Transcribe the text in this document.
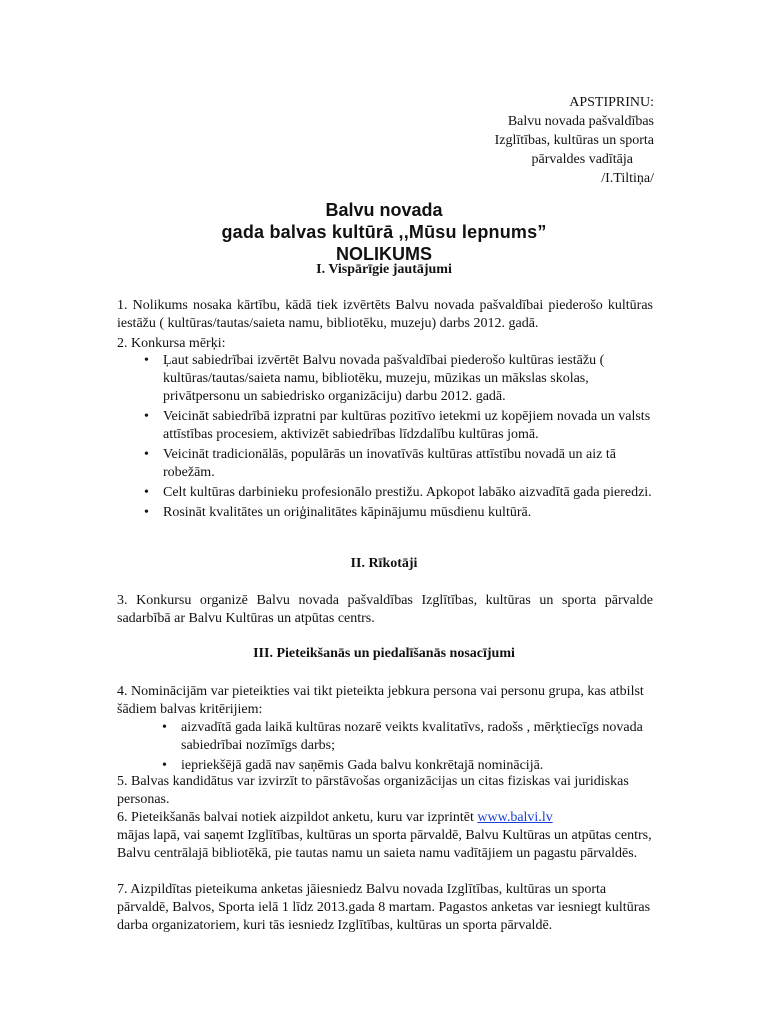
APSTIPRINU:
Balvu novada pašvaldības
Izglītības, kultūras un sporta
pārvaldes vadītāja
/I.Tiltiņa/
Balvu novada
gada balvas kultūrā ,,Mūsu lepnums”
NOLIKUMS
I. Vispārīgie jautājumi
1. Nolikums nosaka kārtību, kādā tiek izvērtēts Balvu novada pašvaldībai piederošo kultūras iestāžu ( kultūras/tautas/saieta namu, bibliotēku, muzeju) darbs 2012. gadā.
2. Konkursa mērķi:
• Ļaut sabiedrībai izvērtēt Balvu novada pašvaldībai piederošo kultūras iestāžu ( kultūras/tautas/saieta namu, bibliotēku, muzeju, mūzikas un mākslas skolas, privātpersonu un sabiedrisko organizāciju) darbu 2012. gadā.
• Veicināt sabiedrībā izpratni par kultūras pozitīvo ietekmi uz kopējiem novada un valsts attīstības procesiem, aktivizēt sabiedrības līdzdalību kultūras jomā.
• Veicināt tradicionālās, populārās un inovatīvās kultūras attīstību novadā un aiz tā robežām.
• Celt kultūras darbinieku profesionālo prestižu. Apkopot labāko aizvadītā gada pieredzi.
• Rosināt kvalitātes un oriģinalitātes kāpinājumu mūsdienu kultūrā.
II. Rīkotāji
3. Konkursu organizē Balvu novada pašvaldības Izglītības, kultūras un sporta pārvalde sadarbībā ar Balvu Kultūras un atpūtas centrs.
III. Pieteikšanās un piedalīšanās nosacījumi
4. Nominācijām var pieteikties vai tikt pieteikta jebkura persona vai personu grupa, kas atbilst šādiem balvas kritērijiem:
• aizvadītā gada laikā kultūras nozarē veikts kvalitatīvs, radošs , mērķtiecīgs novada sabiedrībai nozīmīgs darbs;
• iepriekšējā gadā nav saņēmis Gada balvu konkrētajā nominācijā.
5. Balvas kandidātus var izvirzīt to pārstāvošas organizācijas un citas fiziskas vai juridiskas personas.
6. Pieteikšanās balvai notiek aizpildot anketu, kuru var izprintēt www.balvi.lv
mājas lapā, vai saņemt Izglītības, kultūras un sporta pārvaldē, Balvu Kultūras un atpūtas centrs, Balvu centrālajā bibliotēkā, pie tautas namu un saieta namu vadītājiem un pagastu pārvaldēs.
7. Aizpildītas pieteikuma anketas jāiesniedz Balvu novada Izglītības, kultūras un sporta pārvaldē, Balvos, Sporta ielā 1 līdz 2013.gada 8 martam. Pagastos anketas var iesniegt kultūras darba organizatoriem, kuri tās iesniedz Izglītības, kultūras un sporta pārvaldē.
